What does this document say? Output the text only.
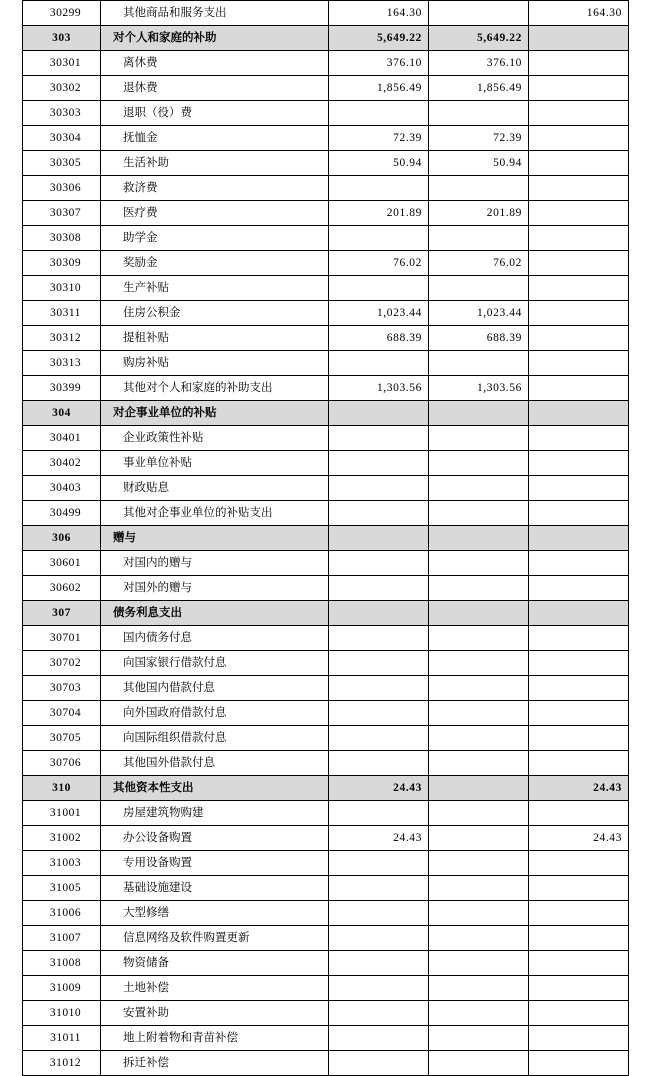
30299	其他商品和服务支出	164.30		164.30
303	对个人和家庭的补助	5,649.22	5,649.22	
30301	离休费	376.10	376.10	
30302	退休费	1,856.49	1,856.49	
30303	退职（役）费			
30304	抚恤金	72.39	72.39	
30305	生活补助	50.94	50.94	
30306	救济费			
30307	医疗费	201.89	201.89	
30308	助学金			
30309	奖励金	76.02	76.02	
30310	生产补贴			
30311	住房公积金	1,023.44	1,023.44	
30312	提租补贴	688.39	688.39	
30313	购房补贴			
30399	其他对个人和家庭的补助支出	1,303.56	1,303.56	
304	对企事业单位的补贴			
30401	企业政策性补贴			
30402	事业单位补贴			
30403	财政贴息			
30499	其他对企事业单位的补贴支出			
306	赠与			
30601	对国内的赠与			
30602	对国外的赠与			
307	债务利息支出			
30701	国内债务付息			
30702	向国家银行借款付息			
30703	其他国内借款付息			
30704	向外国政府借款付息			
30705	向国际组织借款付息			
30706	其他国外借款付息			
310	其他资本性支出	24.43		24.43
31001	房屋建筑物购建			
31002	办公设备购置	24.43		24.43
31003	专用设备购置			
31005	基础设施建设			
31006	大型修缮			
31007	信息网络及软件购置更新			
31008	物资储备			
31009	土地补偿			
31010	安置补助			
31011	地上附着物和青苗补偿			
31012	拆迁补偿			
